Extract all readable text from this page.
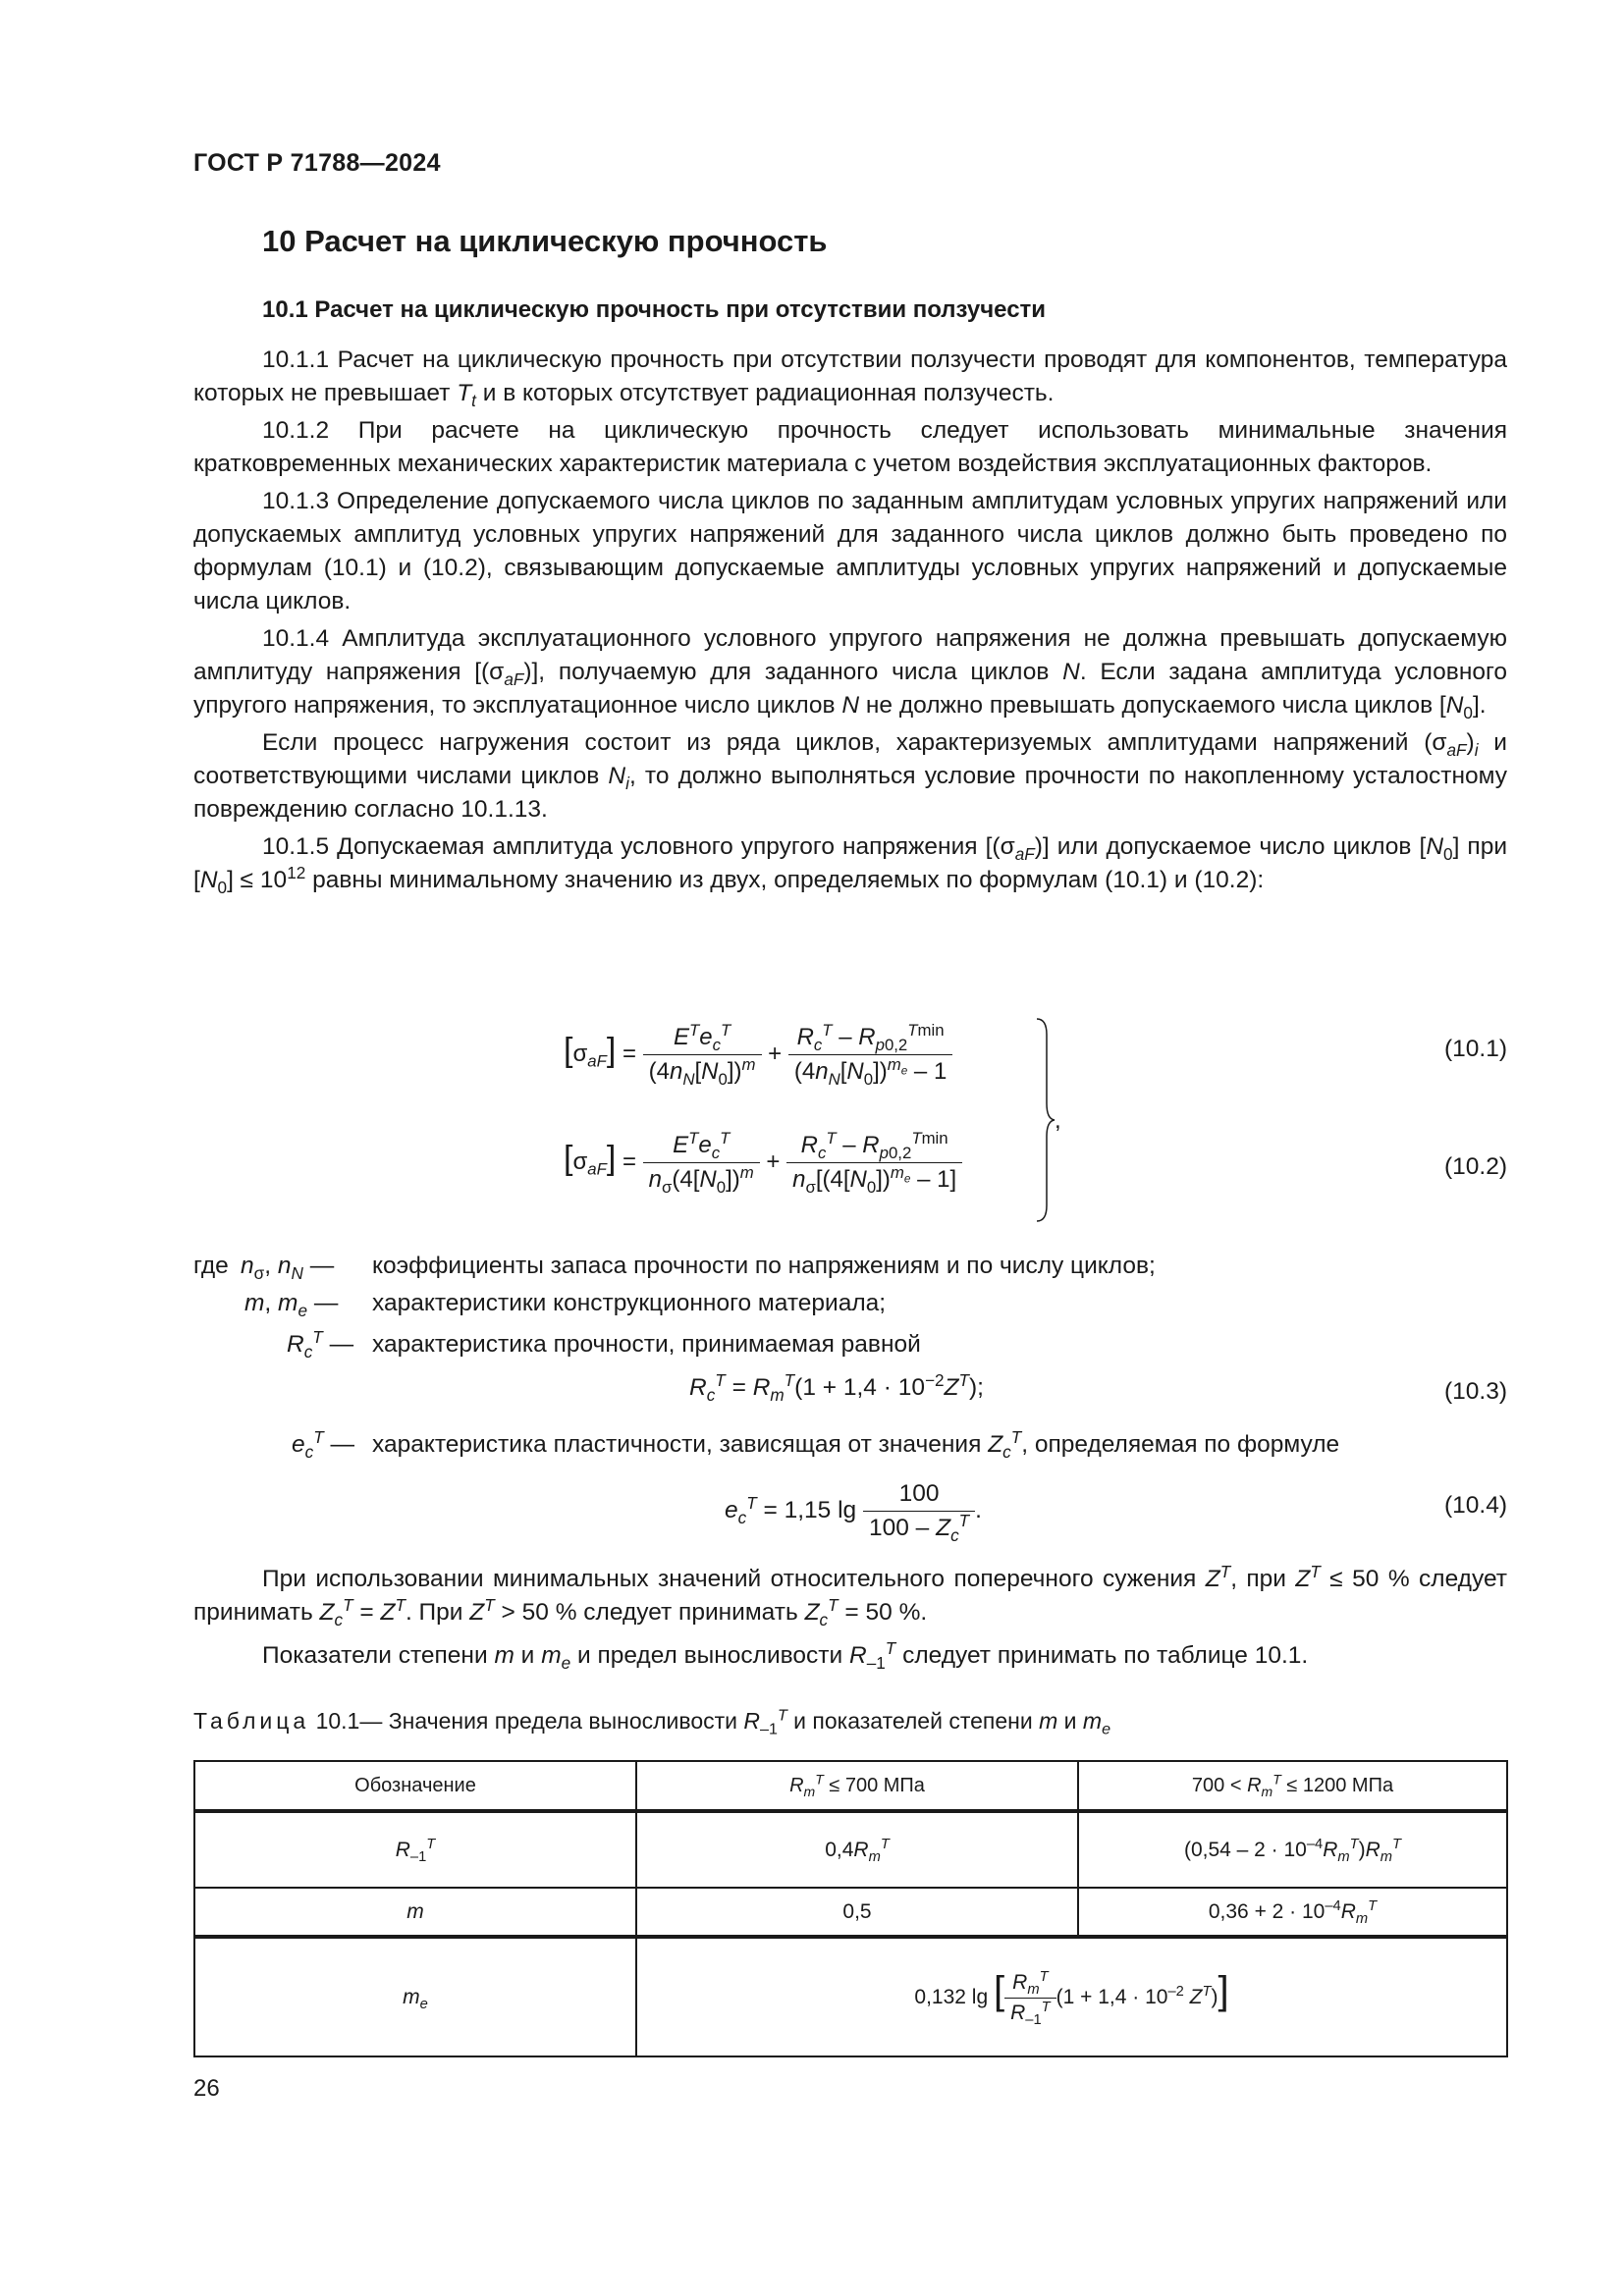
ГОСТ Р 71788—2024
10 Расчет на циклическую прочность
10.1 Расчет на циклическую прочность при отсутствии ползучести

10.1.1 Расчет на циклическую прочность при отсутствии ползучести проводят для компонентов, температура которых не превышает $T_t$ и в которых отсутствует радиационная ползучесть.

10.1.2 При расчете на циклическую прочность следует использовать минимальные значения кратковременных механических характеристик материала с учетом воздействия эксплуатационных факторов.

10.1.3 Определение допускаемого числа циклов по заданным амплитудам условных упругих напряжений или допускаемых амплитуд условных упругих напряжений для заданного числа циклов должно быть проведено по формулам (10.1) и (10.2), связывающим допускаемые амплитуды условных упругих напряжений и допускаемые числа циклов.

10.1.4 Амплитуда эксплуатационного условного упругого напряжения не должна превышать допускаемую амплитуду напряжения $[(\sigma_{aF})]$, получаемую для заданного числа циклов N. Если задана амплитуда условного упругого напряжения, то эксплуатационное число циклов N не должно превышать допускаемого числа циклов $[N_0]$.

Если процесс нагружения состоит из ряда циклов, характеризуемых амплитудами напряжений $(\sigma_{aF})_i$ и соответствующими числами циклов $N_i$, то должно выполняться условие прочности по накопленному усталостному повреждению согласно 10.1.13.

10.1.5 Допускаемая амплитуда условного упругого напряжения $[(\sigma_{aF})]$ или допускаемое число циклов $[N_0]$ при $[N_0] \le 10^{12}$ равны минимальному значению из двух, определяемых по формулам (10.1) и (10.2):

$[\sigma_{aF}] = \frac{E^Te_c^T}{(4n_N[N_0])^m} + \frac{R_c^T - R_{p0,2}^{Tmin}}{(4n_N[N_0])^{m_e} - 1}$	(10.1)
$[\sigma_{aF}] = \frac{E^Te_c^T}{n_\sigma(4[N_0])^m} + \frac{R_c^T - R_{p0,2}^{Tmin}}{n_\sigma[(4[N_0])^{m_e} - 1]}$	(10.2)
,
где $n_\sigma$, $n_N$ — коэффициенты запаса прочности по напряжениям и по числу циклов;
m, $m_e$ — характеристики конструкционного материала;
$R_c^T$ — характеристика прочности, принимаемая равной
$R_c^T = R_m^T(1 + 1,4 \cdot 10^{-2}Z^T)$;	(10.3)
$e_c^T$ — характеристика пластичности, зависящая от значения $Z_c^T$, определяемая по формуле
$e_c^T = 1,15$ $\lg \frac{100}{100 - Z_c^T}$ .	(10.4)

При использовании минимальных значений относительного поперечного сужения $Z^T$, при $Z^T \le 50$ % следует принимать $Z_c^T = Z^T$. При $Z^T > 50$ % следует принимать $Z_c^T = 50$ %.

Показатели степени m и $m_e$ и предел выносливости $R_{-1}^T$ следует принимать по таблице 10.1.

Таблица 10.1— Значения предела выносливости $R_{-1}^T$ и показателей степени m и $m_e$
Обозначение	$R_m^T \le 700$ МПа	$700 < R_m^T \le 1200$ МПа
$R_{-1}^T$	$0,4R_m^T$	$(0,54 - 2 \cdot 10^{-4}R_m^T)R_m^T$
m	0,5	$0,36 + 2 \cdot 10^{-4}R_m^T$
$m_e$	0,132 lg [ $\frac{R_m^T}{R_{-1}^T} (1 + 1,4 \cdot 10^{-2}$ $Z^T$)]	
26
